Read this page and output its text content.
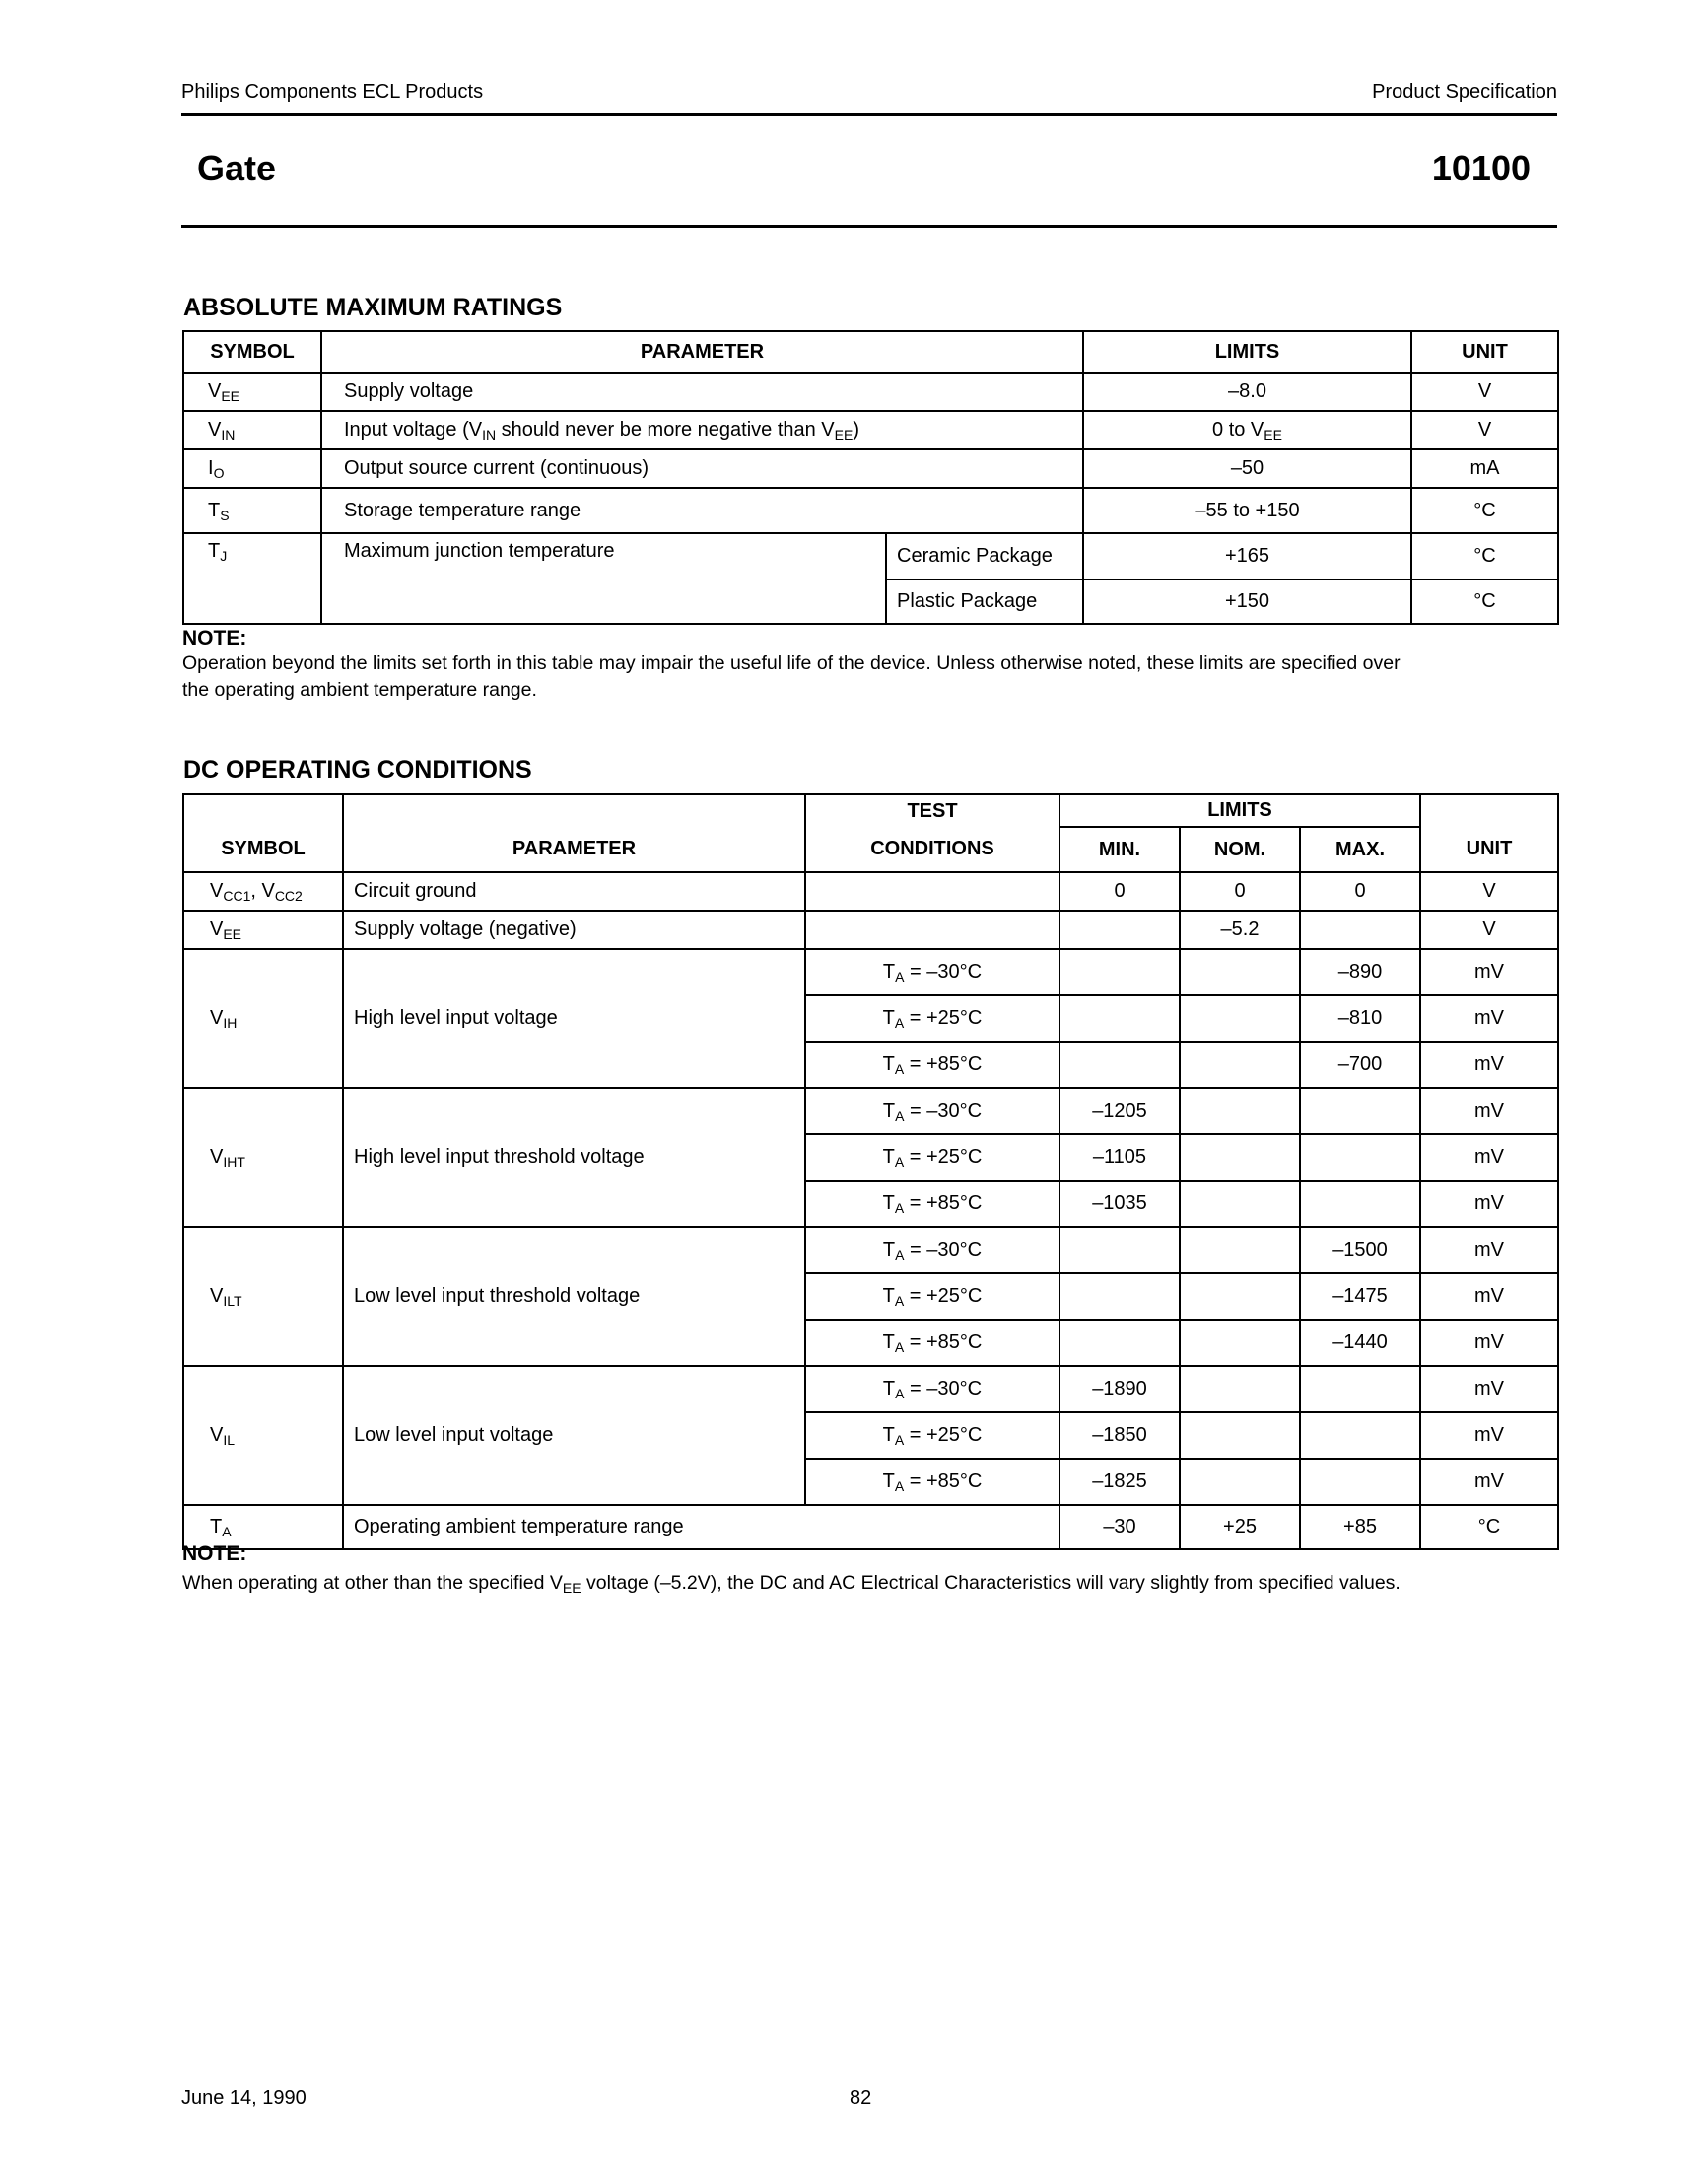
Philips Components ECL Products	Product Specification
Gate	10100
ABSOLUTE MAXIMUM RATINGS
SYMBOL	PARAMETER		LIMITS	UNIT
$V_{EE}$	Supply voltage		–8.0	V
$V_{IN}$	Input voltage ($V_{IN}$ should never be more negative than $V_{EE}$)		0 to $V_{EE}$	V
$I_O$	Output source current (continuous)		–50	mA
$T_S$	Storage temperature range		–55 to +150	°C
$T_J$	Maximum junction temperature	Ceramic Package	+165	°C
		Plastic Package	+150	°C
NOTE:
Operation beyond the limits set forth in this table may impair the useful life of the device. Unless otherwise noted, these limits are specified over
the operating ambient temperature range.
DC OPERATING CONDITIONS
		TEST	LIMITS			
SYMBOL	PARAMETER	CONDITIONS	MIN.	NOM.	MAX.	UNIT
$V_{CC1}$, $V_{CC2}$	Circuit ground		0	0	0	V
$V_{EE}$	Supply voltage (negative)			–5.2		V
$V_{IH}$	High level input voltage	$T_A = -30^\circ C$			–890	mV
		$T_A = +25^\circ C$			–810	mV
		$T_A = +85^\circ C$			–700	mV
$V_{IHT}$	High level input threshold voltage	$T_A = -30^\circ C$	–1205			mV
		$T_A = +25^\circ C$	–1105			mV
		$T_A = +85^\circ C$	–1035			mV
$V_{ILT}$	Low level input threshold voltage	$T_A = -30^\circ C$			–1500	mV
		$T_A = +25^\circ C$			–1475	mV
		$T_A = +85^\circ C$			–1440	mV
$V_{IL}$	Low level input voltage	$T_A = -30^\circ C$	–1890			mV
		$T_A = +25^\circ C$	–1850			mV
		$T_A = +85^\circ C$	–1825			mV
$T_A$	Operating ambient temperature range		–30	+25	+85	°C
NOTE:
When operating at other than the specified $V_{EE}$ voltage (–5.2V), the DC and AC Electrical Characteristics will vary slightly from specified values.
June 14, 1990	82
